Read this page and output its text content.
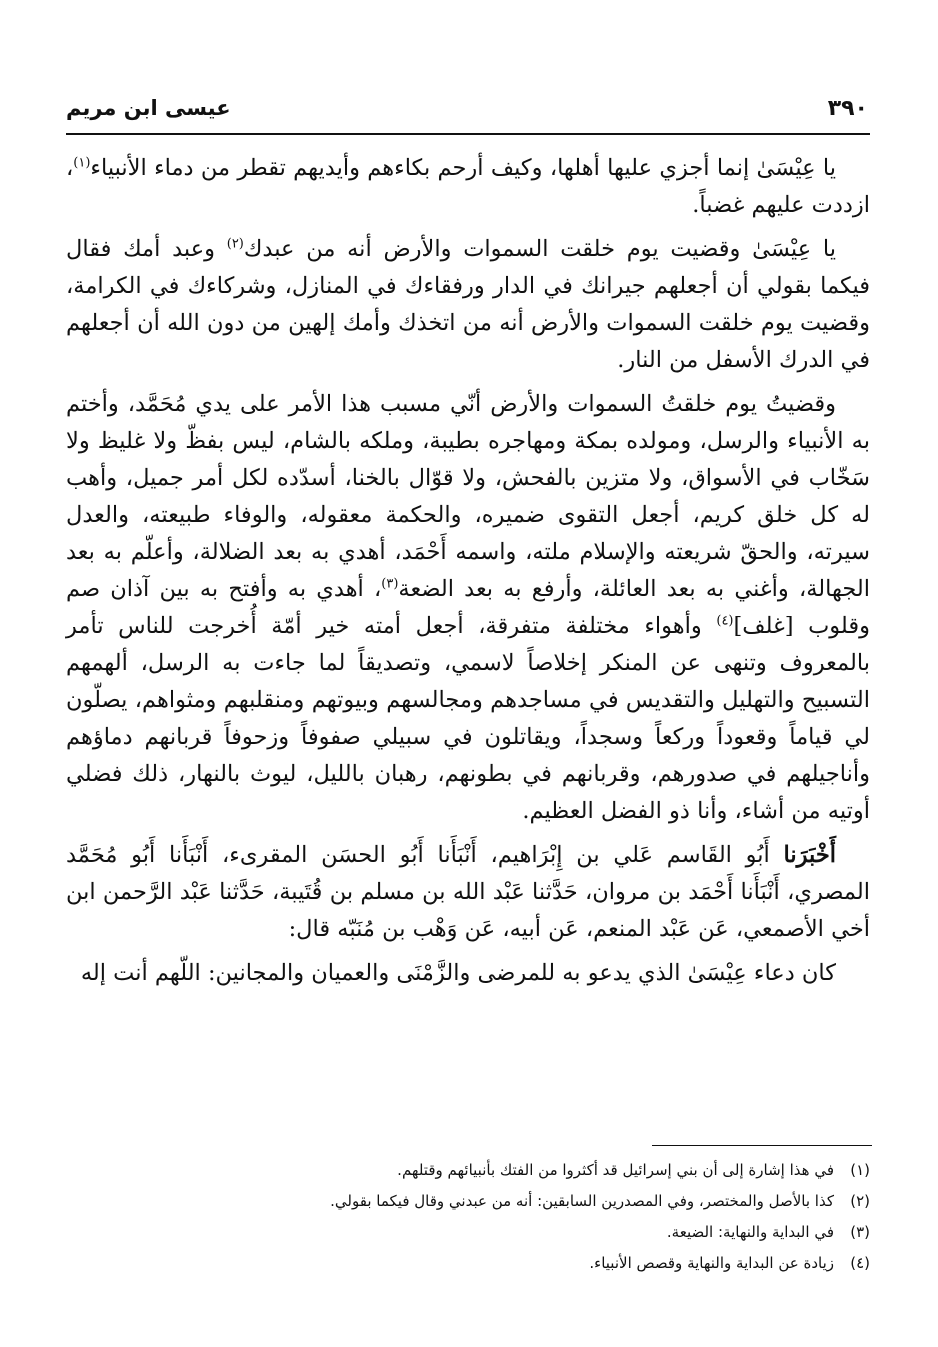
٣٩٠
عيسى ابن مريم

يا عِيْسَىٰ إنما أجزي عليها أهلها، وكيف أرحم بكاءهم وأيديهم تقطر من دماء الأنبياء$^{(١)}$، ازددت عليهم غضباً.

يا عِيْسَىٰ وقضيت يوم خلقت السموات والأرض أنه من عبدك$^{(٢)}$ وعبد أمك فقال فيكما بقولي أن أجعلهم جيرانك في الدار ورفقاءك في المنازل، وشركاءك في الكرامة، وقضيت يوم خلقت السموات والأرض أنه من اتخذك وأمك إلهين من دون الله أن أجعلهم في الدرك الأسفل من النار.

وقضيتُ يوم خلقتُ السموات والأرض أنّي مسبب هذا الأمر على يدي مُحَمَّد، وأختم به الأنبياء والرسل، ومولده بمكة ومهاجره بطيبة، وملكه بالشام، ليس بفظّ ولا غليظ ولا سَخّاب في الأسواق، ولا متزين بالفحش، ولا قوّال بالخنا، أسدّده لكل أمر جميل، وأهب له كل خلق كريم، أجعل التقوى ضميره، والحكمة معقوله، والوفاء طبيعته، والعدل سيرته، والحقّ شريعته والإسلام ملته، واسمه أَحْمَد، أهدي به بعد الضلالة، وأعلّم به بعد الجهالة، وأغني به بعد العائلة، وأرفع به بعد الضعة$^{(٣)}$، أهدي به وأفتح به بين آذان صم وقلوب [غلف]$^{(٤)}$ وأهواء مختلفة متفرقة، أجعل أمته خير أمّة أُخرجت للناس تأمر بالمعروف وتنهى عن المنكر إخلاصاً لاسمي، وتصديقاً لما جاءت به الرسل، ألهمهم التسبيح والتهليل والتقديس في مساجدهم ومجالسهم وبيوتهم ومنقلبهم ومثواهم، يصلّون لي قياماً وقعوداً وركعاً وسجداً، ويقاتلون في سبيلي صفوفاً وزحوفاً قربانهم دماؤهم وأناجيلهم في صدورهم، وقربانهم في بطونهم، رهبان بالليل، ليوث بالنهار، ذلك فضلي أوتيه من أشاء، وأنا ذو الفضل العظيم.

أَخْبَرَنا أَبُو القَاسم عَلي بن إِبْرَاهيم، أَنْبَأَنا أَبُو الحسَن المقرىء، أَنْبَأَنا أَبُو مُحَمَّد المصري، أَنْبَأَنا أَحْمَد بن مروان، حَدَّثنا عَبْد الله بن مسلم بن قُتَيبة، حَدَّثنا عَبْد الرَّحمن ابن أخي الأصمعي، عَن عَبْد المنعم، عَن أبيه، عَن وَهْب بن مُنَبّه قال:

كان دعاء عِيْسَىٰ الذي يدعو به للمرضى والزَّمْنَى والعميان والمجانين: اللّهم أنت إله

(١)
في هذا إشارة إلى أن بني إسرائيل قد أكثروا من الفتك بأنبيائهم وقتلهم.
(٢)
كذا بالأصل والمختصر، وفي المصدرين السابقين: أنه من عبدني وقال فيكما بقولي.
(٣)
في البداية والنهاية: الضيعة.
(٤)
زيادة عن البداية والنهاية وقصص الأنبياء.
